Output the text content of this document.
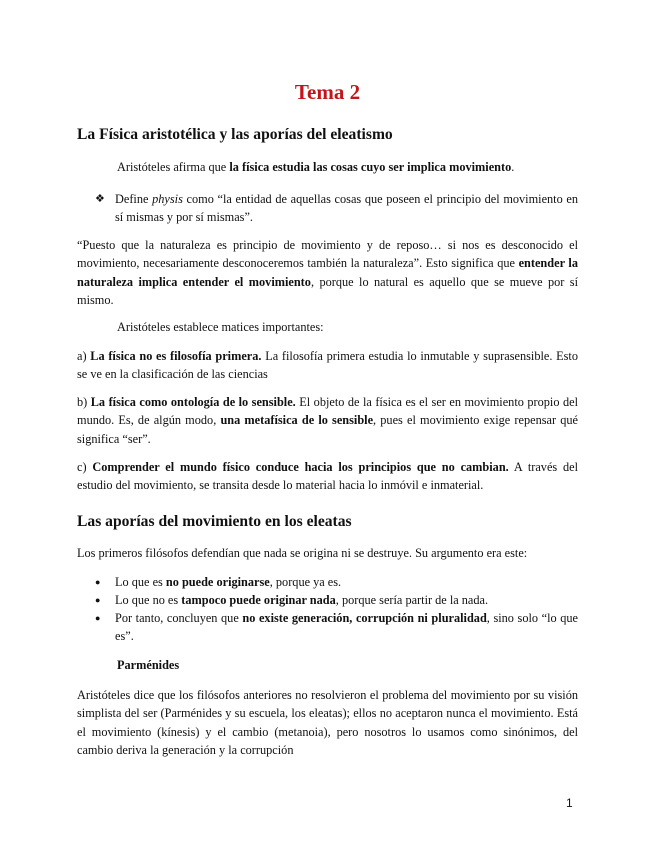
Tema 2
La Física aristotélica y las aporías del eleatismo

Aristóteles afirma que la física estudia las cosas cuyo ser implica movimiento.

❖ Define physis como “la entidad de aquellas cosas que poseen el principio del movimiento en sí mismas y por sí mismas”.

“Puesto que la naturaleza es principio de movimiento y de reposo… si nos es desconocido el movimiento, necesariamente desconoceremos también la naturaleza”. Esto significa que entender la naturaleza implica entender el movimiento, porque lo natural es aquello que se mueve por sí mismo.

Aristóteles establece matices importantes:

a) La física no es filosofía primera. La filosofía primera estudia lo inmutable y suprasensible. Esto se ve en la clasificación de las ciencias

b) La física como ontología de lo sensible. El objeto de la física es el ser en movimiento propio del mundo. Es, de algún modo, una metafísica de lo sensible, pues el movimiento exige repensar qué significa “ser”.

c) Comprender el mundo físico conduce hacia los principios que no cambian. A través del estudio del movimiento, se transita desde lo material hacia lo inmóvil e inmaterial.

Las aporías del movimiento en los eleatas

Los primeros filósofos defendían que nada se origina ni se destruye. Su argumento era este:

● Lo que es no puede originarse, porque ya es.
● Lo que no es tampoco puede originar nada, porque sería partir de la nada.
● Por tanto, concluyen que no existe generación, corrupción ni pluralidad, sino solo “lo que es”.
Parménides

Aristóteles dice que los filósofos anteriores no resolvieron el problema del movimiento por su visión simplista del ser (Parménides y su escuela, los eleatas); ellos no aceptaron nunca el movimiento. Está el movimiento (kínesis) y el cambio (metanoia), pero nosotros lo usamos como sinónimos, del cambio deriva la generación y la corrupción

1
